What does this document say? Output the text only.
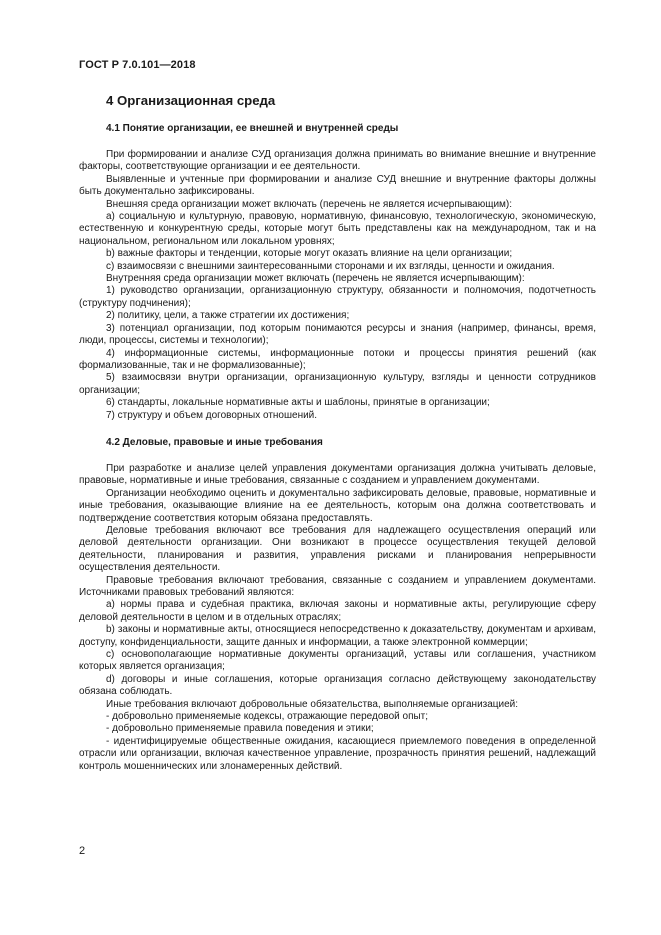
ГОСТ Р 7.0.101—2018
4 Организационная среда
4.1 Понятие организации, ее внешней и внутренней среды

При формировании и анализе СУД организация должна принимать во внимание внешние и внутренние факторы, соответствующие организации и ее деятельности.

Выявленные и учтенные при формировании и анализе СУД внешние и внутренние факторы должны быть документально зафиксированы.

Внешняя среда организации может включать (перечень не является исчерпывающим):

a) социальную и культурную, правовую, нормативную, финансовую, технологическую, экономическую, естественную и конкурентную среды, которые могут быть представлены как на международном, так и на национальном, региональном или локальном уровнях;

b) важные факторы и тенденции, которые могут оказать влияние на цели организации;

c) взаимосвязи с внешними заинтересованными сторонами и их взгляды, ценности и ожидания.

Внутренняя среда организации может включать (перечень не является исчерпывающим):

1) руководство организации, организационную структуру, обязанности и полномочия, подотчетность (структуру подчинения);

2) политику, цели, а также стратегии их достижения;

3) потенциал организации, под которым понимаются ресурсы и знания (например, финансы, время, люди, процессы, системы и технологии);

4) информационные системы, информационные потоки и процессы принятия решений (как формализованные, так и не формализованные);

5) взаимосвязи внутри организации, организационную культуру, взгляды и ценности сотрудников организации;

6) стандарты, локальные нормативные акты и шаблоны, принятые в организации;

7) структуру и объем договорных отношений.

4.2 Деловые, правовые и иные требования

При разработке и анализе целей управления документами организация должна учитывать деловые, правовые, нормативные и иные требования, связанные с созданием и управлением документами.

Организации необходимо оценить и документально зафиксировать деловые, правовые, нормативные и иные требования, оказывающие влияние на ее деятельность, которым она должна соответствовать и подтверждение соответствия которым обязана предоставлять.

Деловые требования включают все требования для надлежащего осуществления операций или деловой деятельности организации. Они возникают в процессе осуществления текущей деловой деятельности, планирования и развития, управления рисками и планирования непрерывности осуществления деятельности.

Правовые требования включают требования, связанные с созданием и управлением документами. Источниками правовых требований являются:

a) нормы права и судебная практика, включая законы и нормативные акты, регулирующие сферу деловой деятельности в целом и в отдельных отраслях;

b) законы и нормативные акты, относящиеся непосредственно к доказательству, документам и архивам, доступу, конфиденциальности, защите данных и информации, а также электронной коммерции;

c) основополагающие нормативные документы организаций, уставы или соглашения, участником которых является организация;

d) договоры и иные соглашения, которые организация согласно действующему законодательству обязана соблюдать.

Иные требования включают добровольные обязательства, выполняемые организацией:

- добровольно применяемые кодексы, отражающие передовой опыт;

- добровольно применяемые правила поведения и этики;

- идентифицируемые общественные ожидания, касающиеся приемлемого поведения в определенной отрасли или организации, включая качественное управление, прозрачность принятия решений, надлежащий контроль мошеннических или злонамеренных действий.

2
